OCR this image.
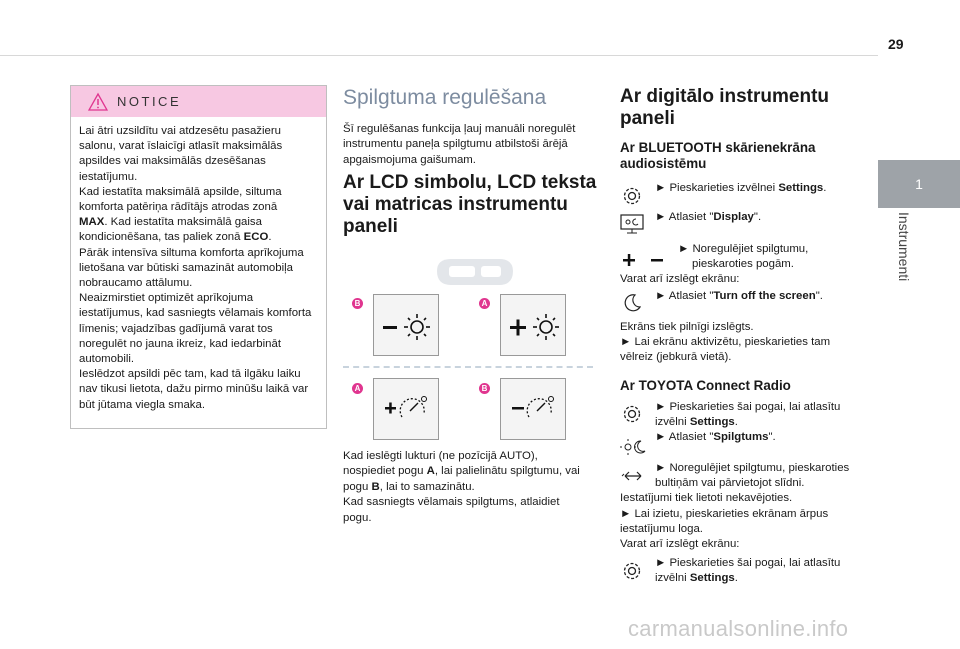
29
1
Instrumenti
NOTICE

Lai ātri uzsildītu vai atdzesētu pasažieru

salonu, varat īslaicīgi atlasīt maksimālās

apsildes vai maksimālās dzesēšanas

iestatījumu.

Kad iestatīta maksimālā apsilde, siltuma

komforta patēriņa rādītājs atrodas zonā

MAX. Kad iestatīta maksimālā gaisa

kondicionēšana, tas paliek zonā ECO.

Pārāk intensīva siltuma komforta aprīkojuma

lietošana var būtiski samazināt automobiļa

nobraucamo attālumu.

Neaizmirstiet optimizēt aprīkojuma

iestatījumus, kad sasniegts vēlamais komforta

līmenis; vajadzības gadījumā varat tos

noregulēt no jauna ikreiz, kad iedarbināt

automobili.

Ieslēdzot apsildi pēc tam, kad tā ilgāku laiku

nav tikusi lietota, dažu pirmo minūšu laikā var

būt jūtama viegla smaka.

Spilgtuma regulēšana
Šī regulēšanas funkcija ļauj manuāli noregulēt
instrumentu paneļa spilgtumu atbilstoši ārējā
apgaismojuma gaišumam.
Ar LCD simbolu, LCD teksta
vai matricas instrumentu
paneli
B	A
A	B
Kad ieslēgti lukturi (ne pozīcijā AUTO),
nospiediet pogu A, lai palielinātu spilgtumu, vai
pogu B, lai to samazinātu.
Kad sasniegts vēlamais spilgtums, atlaidiet
pogu.
Ar digitālo instrumentu
paneli
Ar BLUETOOTH skārienekrāna
audiosistēmu
► Pieskarieties izvēlnei Settings.
► Atlasiet "Display".
► Noregulējiet spilgtumu,
pieskaroties pogām.
Varat arī izslēgt ekrānu:
► Atlasiet "Turn off the screen".
Ekrāns tiek pilnīgi izslēgts.
► Lai ekrānu aktivizētu, pieskarieties tam
vēlreiz (jebkurā vietā).
Ar TOYOTA Connect Radio
► Pieskarieties šai pogai, lai atlasītu
izvēlni Settings.
► Atlasiet "Spilgtums".
► Noregulējiet spilgtumu, pieskaroties
bultiņām vai pārvietojot slīdni.
Iestatījumi tiek lietoti nekavējoties.
► Lai izietu, pieskarieties ekrānam ārpus
iestatījumu loga.
Varat arī izslēgt ekrānu:
► Pieskarieties šai pogai, lai atlasītu
izvēlni Settings.
carmanualsonline.info
